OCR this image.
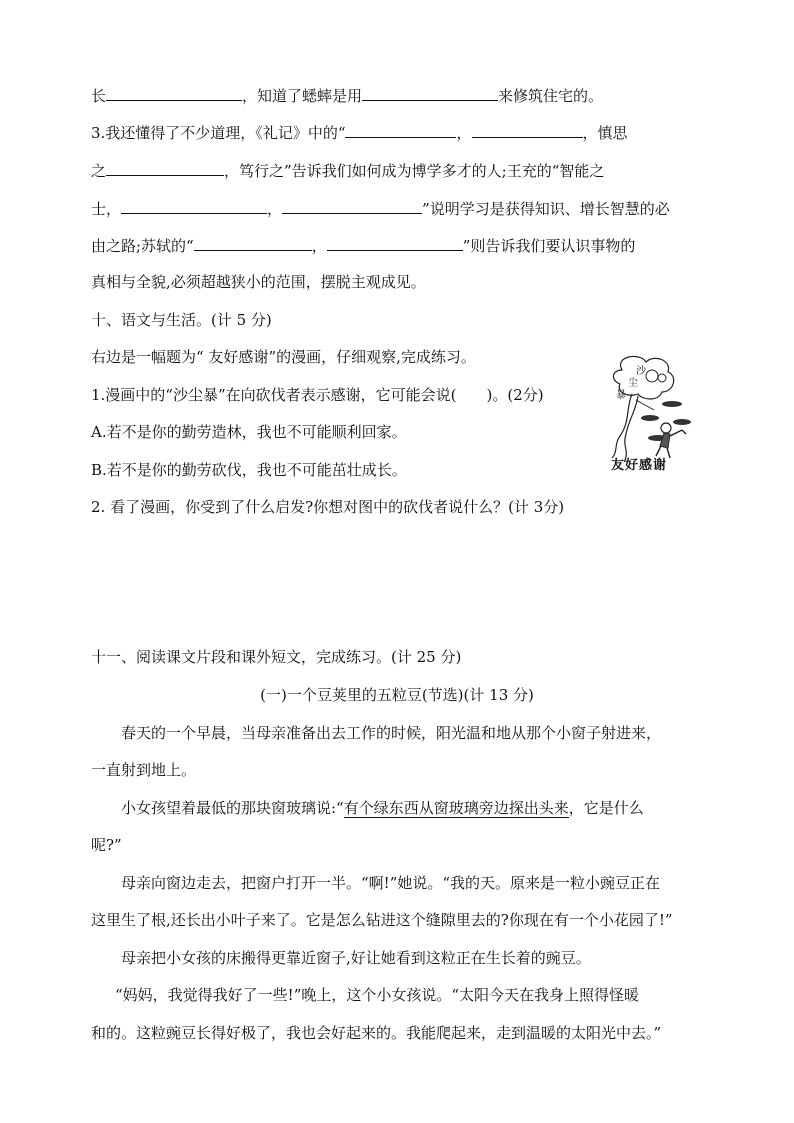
长	，知道了蟋蟀是用	来修筑住宅的。
3.我还懂得了不少道理，《礼记》中的“	，	，慎思
之	，笃行之”告诉我们如何成为博学多才的人;王充的“智能之
士，	，	”说明学习是获得知识、增长智慧的必
由之路;苏轼的“	，	”则告诉我们要认识事物的
真相与全貌,必须超越狭小的范围，摆脱主观成见。
十、语文与生活。(计 5 分)
右边是一幅题为“ 友好感谢”的漫画，仔细观察,完成练习。
1.漫画中的“沙尘暴”在向砍伐者表示感谢，它可能会说(　　)。(2分)
A.若不是你的勤劳造林，我也不可能顺利回家。
B.若不是你的勤劳砍伐，我也不可能茁壮成长。
2. 看了漫画，你受到了什么启发?你想对图中的砍伐者说什么？(计 3分)
沙
尘
暴
友好感谢
十一、阅读课文片段和课外短文，完成练习。(计 25 分)
(一)一个豆荚里的五粒豆(节选)(计 13 分)
春天的一个早晨，当母亲准备出去工作的时候，阳光温和地从那个小窗子射进来，
一直射到地上。
小女孩望着最低的那块窗玻璃说:“有个绿东西从窗玻璃旁边探出头来，它是什么
呢?”
母亲向窗边走去，把窗户打开一半。“啊!”她说。“我的天。原来是一粒小豌豆正在
这里生了根,还长出小叶子来了。它是怎么钻进这个缝隙里去的?你现在有一个小花园了!”
母亲把小女孩的床搬得更靠近窗子,好让她看到这粒正在生长着的豌豆。
“妈妈，我觉得我好了一些!”晚上，这个小女孩说。“太阳今天在我身上照得怪暖
和的。这粒豌豆长得好极了，我也会好起来的。我能爬起来，走到温暖的太阳光中去。”
